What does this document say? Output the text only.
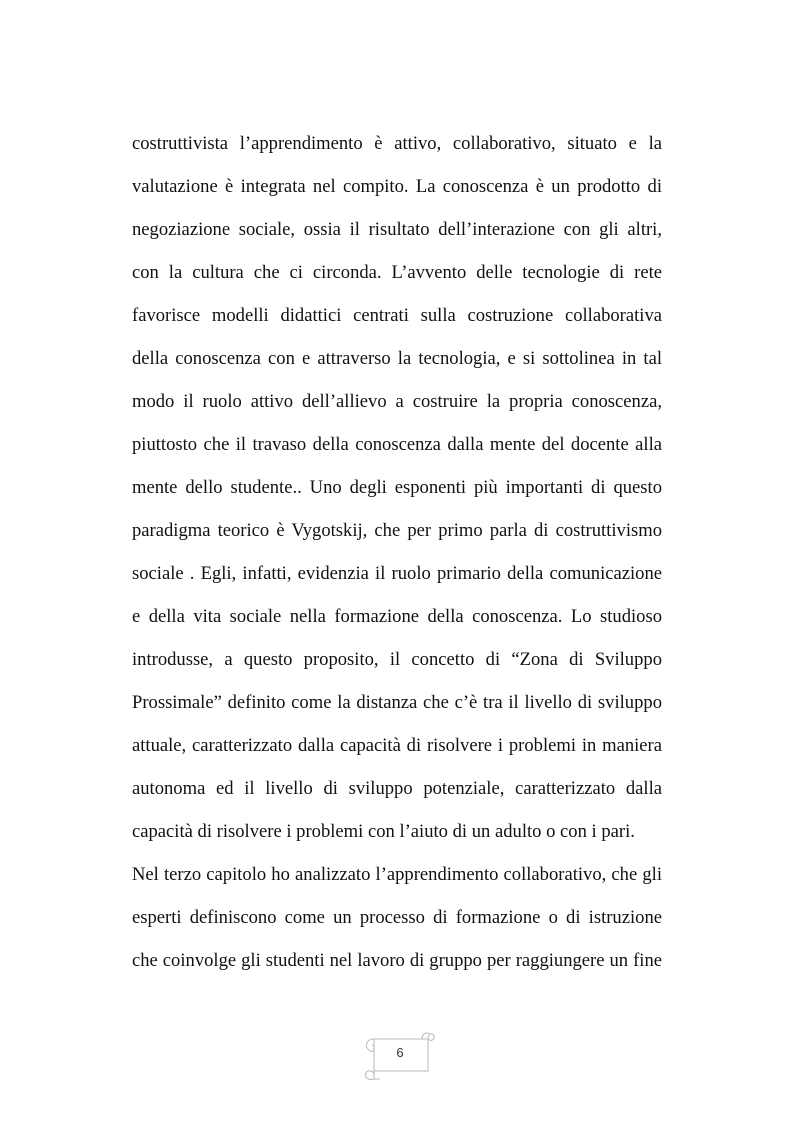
costruttivista l’apprendimento è attivo, collaborativo, situato e la
valutazione è integrata nel compito. La conoscenza è un prodotto di
negoziazione sociale, ossia il risultato dell’interazione con gli altri,
con la cultura che ci circonda. L’avvento delle tecnologie di rete
favorisce modelli didattici centrati sulla costruzione collaborativa
della conoscenza con e attraverso la tecnologia, e si sottolinea in tal
modo il ruolo attivo dell’allievo a costruire la propria conoscenza,
piuttosto che il travaso della conoscenza dalla mente del docente alla
mente dello studente.. Uno degli esponenti più importanti di questo
paradigma teorico è Vygotskij, che per primo parla di costruttivismo
sociale . Egli, infatti, evidenzia il ruolo primario della comunicazione
e della vita sociale nella formazione della conoscenza. Lo studioso
introdusse, a questo proposito, il concetto di “Zona di Sviluppo
Prossimale” definito come la distanza che c’è tra il livello di sviluppo
attuale, caratterizzato dalla capacità di risolvere i problemi in maniera
autonoma ed il livello di sviluppo potenziale, caratterizzato dalla
capacità di risolvere i problemi con l’aiuto di un adulto o con i pari.
Nel terzo capitolo ho analizzato l’apprendimento collaborativo, che gli
esperti definiscono come un processo di formazione o di istruzione
che coinvolge gli studenti nel lavoro di gruppo per raggiungere un fine
6
